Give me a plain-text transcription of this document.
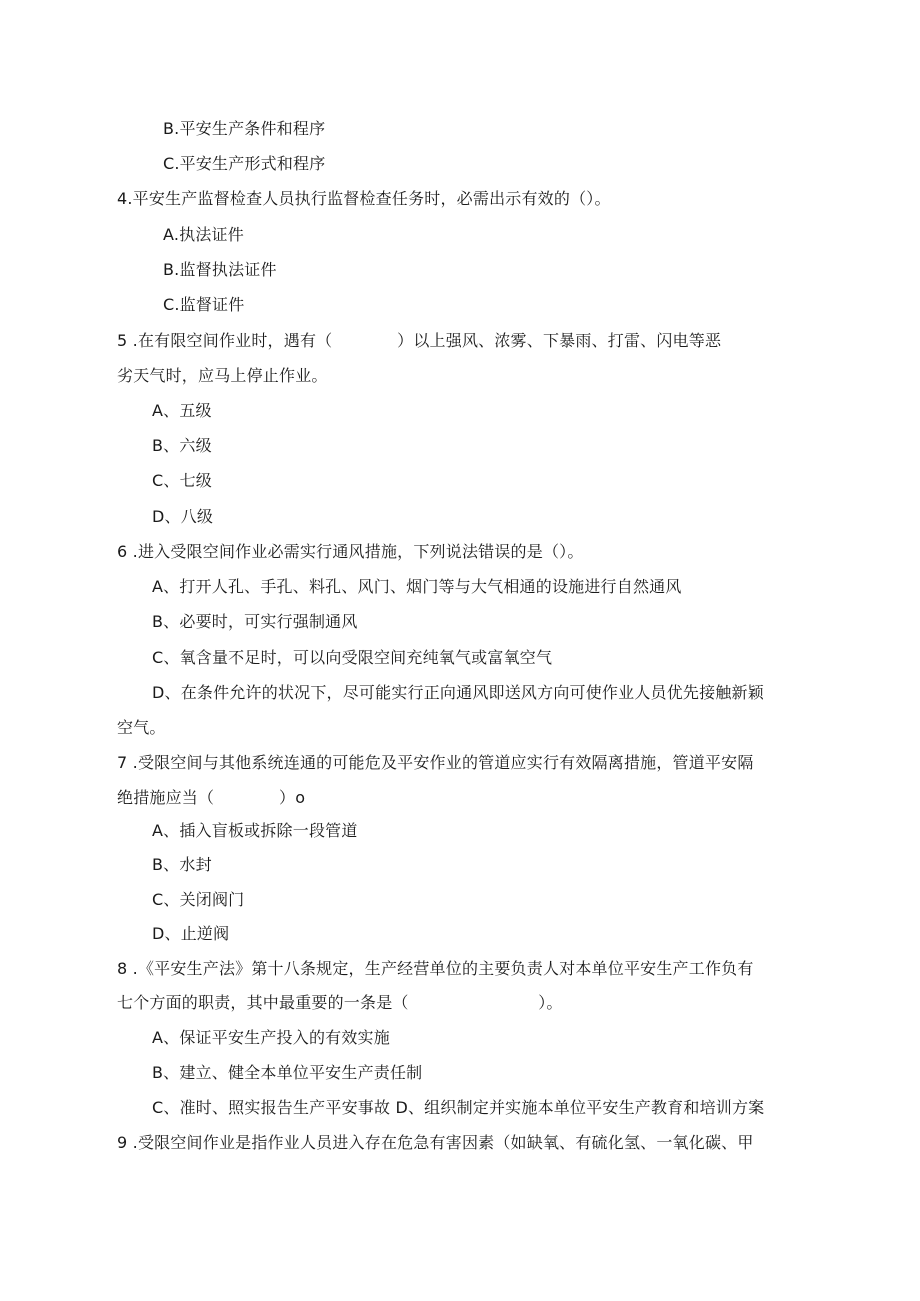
B.平安生产条件和程序
C.平安生产形式和程序
4.平安生产监督检查人员执行监督检查任务时，必需出示有效的（）。
A.执法证件
B.监督执法证件
C.监督证件
5 .在有限空间作业时，遇有（　　　　）以上强风、浓雾、下暴雨、打雷、闪电等恶
劣天气时，应马上停止作业。
A、五级
B、六级
C、七级
D、八级
6 .进入受限空间作业必需实行通风措施，下列说法错误的是（）。
A、打开人孔、手孔、料孔、风门、烟门等与大气相通的设施进行自然通风
B、必要时，可实行强制通风
C、氧含量不足时，可以向受限空间充纯氧气或富氧空气
D、在条件允许的状况下，尽可能实行正向通风即送风方向可使作业人员优先接触新颖
空气。
7 .受限空间与其他系统连通的可能危及平安作业的管道应实行有效隔离措施，管道平安隔
绝措施应当（　　　　）o
A、插入盲板或拆除一段管道
B、水封
C、关闭阀门
D、止逆阀
8 .《平安生产法》第十八条规定，生产经营单位的主要负责人对本单位平安生产工作负有
七个方面的职责，其中最重要的一条是（　　　　　　　　）。
A、保证平安生产投入的有效实施
B、建立、健全本单位平安生产责任制
C、准时、照实报告生产平安事故 D、组织制定并实施本单位平安生产教育和培训方案
9 .受限空间作业是指作业人员进入存在危急有害因素（如缺氧、有硫化氢、一氧化碳、甲
